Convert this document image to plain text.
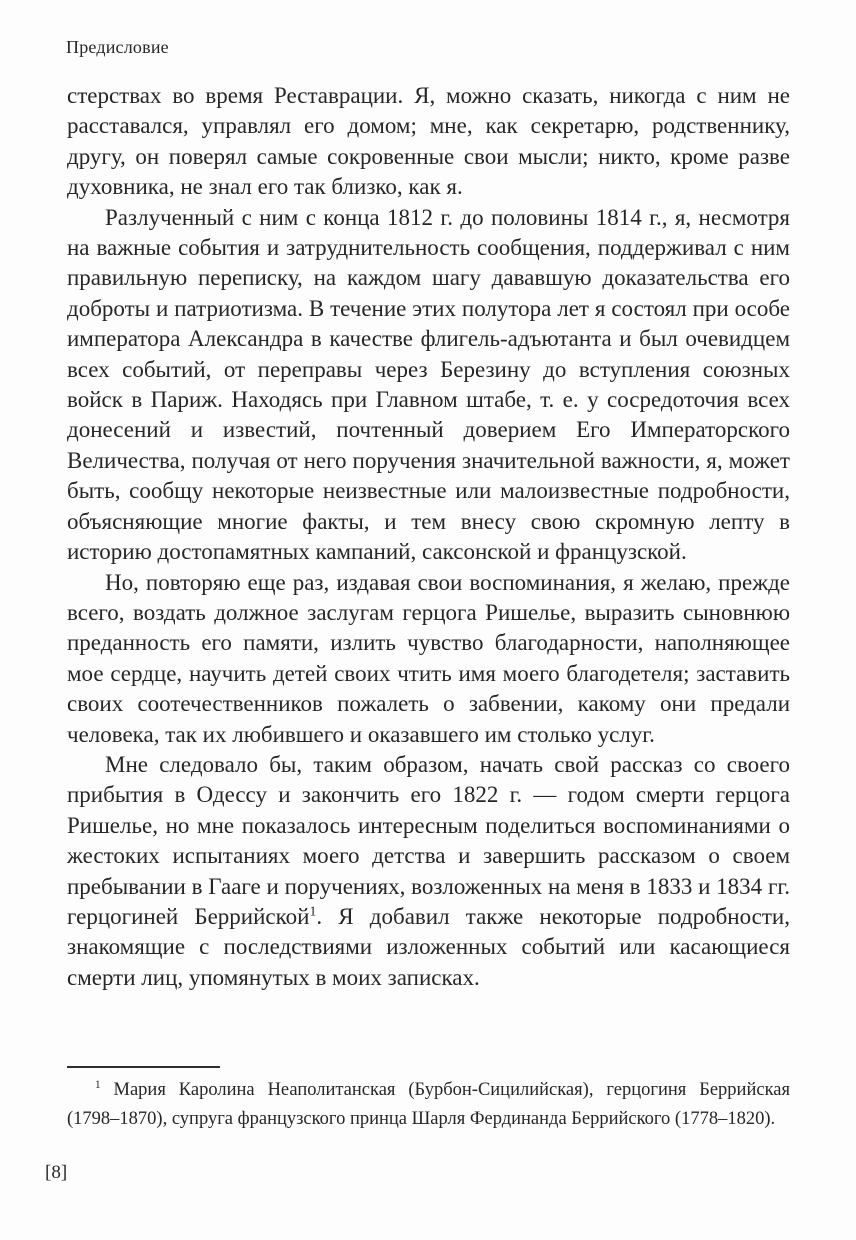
Предисловие

стерствах во время Реставрации. Я, можно сказать, никогда с ним не расставался, управлял его домом; мне, как секретарю, родственнику, другу, он поверял самые сокровенные свои мысли; никто, кроме разве духовника, не знал его так близко, как я.

Разлученный с ним с конца 1812 г. до половины 1814 г., я, несмотря на важные события и затруднительность сообщения, поддерживал с ним правильную переписку, на каждом шагу дававшую доказательства его доброты и патриотизма. В течение этих полутора лет я состоял при особе императора Александра в качестве флигель-адъютанта и был очевидцем всех событий, от переправы через Березину до вступления союзных войск в Париж. Находясь при Главном штабе, т. е. у сосредоточия всех донесений и известий, почтенный доверием Его Императорского Величества, получая от него поручения значительной важности, я, может быть, сообщу некоторые неизвестные или малоизвестные подробности, объясняющие многие факты, и тем внесу свою скромную лепту в историю достопамятных кампаний, саксонской и французской.

Но, повторяю еще раз, издавая свои воспоминания, я желаю, прежде всего, воздать должное заслугам герцога Ришелье, выразить сыновнюю преданность его памяти, излить чувство благодарности, наполняющее мое сердце, научить детей своих чтить имя моего благодетеля; заставить своих соотечественников пожалеть о забвении, какому они предали человека, так их любившего и оказавшего им столько услуг.

Мне следовало бы, таким образом, начать свой рассказ со своего прибытия в Одессу и закончить его 1822 г. — годом смерти герцога Ришелье, но мне показалось интересным поделиться воспоминаниями о жестоких испытаниях моего детства и завершить рассказом о своем пребывании в Гааге и поручениях, возложенных на меня в 1833 и 1834 гг. герцогиней Беррийской$^1$. Я добавил также некоторые подробности, знакомящие с последствиями изложенных событий или касающиеся смерти лиц, упомянутых в моих записках.

$^1$ Мария Каролина Неаполитанская (Бурбон-Сицилийская), герцогиня Беррийская (1798–1870), супруга французского принца Шарля Фердинанда Беррийского (1778–1820).

[8]
